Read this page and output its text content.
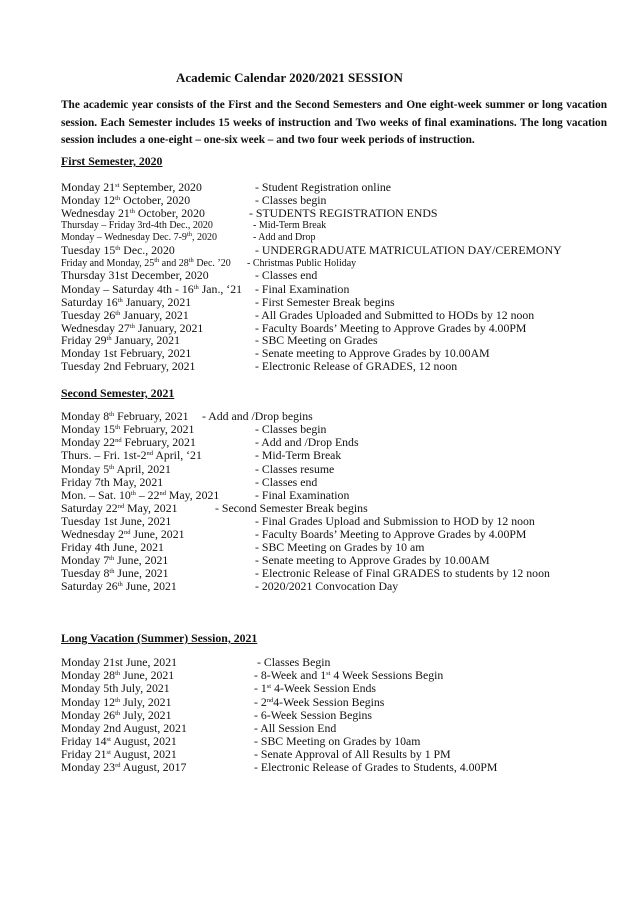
Academic Calendar 2020/2021 SESSION
The academic year consists of the First and the Second Semesters and One eight-week summer or long vacation session. Each Semester includes 15 weeks of instruction and Two weeks of final examinations. The long vacation session includes a one-eight – one-six week – and two four week periods of instruction.
First Semester, 2020
Monday 21st September, 2020	- Student Registration online
Monday 12th October, 2020	- Classes begin
Wednesday 21th October, 2020	- STUDENTS REGISTRATION ENDS
Thursday – Friday 3rd-4th Dec., 2020	- Mid-Term Break
Monday – Wednesday Dec. 7-9th, 2020	- Add and Drop
Tuesday 15th Dec., 2020	- UNDERGRADUATE MATRICULATION DAY/CEREMONY
Friday and Monday, 25th and 28th Dec. ’20 - Christmas Public Holiday
Thursday 31st December, 2020	- Classes end
Monday – Saturday 4th - 16th Jan., ‘21 - Final Examination
Saturday 16th January, 2021	- First Semester Break begins
Tuesday 26th January, 2021	- All Grades Uploaded and Submitted to HODs by 12 noon
Wednesday 27th January, 2021	- Faculty Boards’ Meeting to Approve Grades by 4.00PM
Friday 29th January, 2021	- SBC Meeting on Grades
Monday 1st February, 2021	- Senate meeting to Approve Grades by 10.00AM
Tuesday 2nd February, 2021	- Electronic Release of GRADES, 12 noon
Second Semester, 2021
Monday 8th February, 2021 - Add and /Drop begins
Monday 15th February, 2021	- Classes begin
Monday 22nd February, 2021	- Add and /Drop Ends
Thurs. – Fri. 1st-2nd April, ‘21	- Mid-Term Break
Monday 5th April, 2021	- Classes resume
Friday 7th May, 2021	- Classes end
Mon. – Sat. 10th – 22nd May, 2021	- Final Examination
Saturday 22nd May, 2021	- Second Semester Break begins
Tuesday 1st June, 2021	- Final Grades Upload and Submission to HOD by 12 noon
Wednesday 2nd June, 2021	- Faculty Boards’ Meeting to Approve Grades by 4.00PM
Friday 4th June, 2021	- SBC Meeting on Grades by 10 am
Monday 7th June, 2021	- Senate meeting to Approve Grades by 10.00AM
Tuesday 8th June, 2021	- Electronic Release of Final GRADES to students by 12 noon
Saturday 26th June, 2021	- 2020/2021 Convocation Day
Long Vacation (Summer) Session, 2021
Monday 21st June, 2021	- Classes Begin
Monday 28th June, 2021	- 8-Week and 1st 4 Week Sessions Begin
Monday 5th July, 2021	- 1st 4-Week Session Ends
Monday 12th July, 2021	- 2nd4-Week Session Begins
Monday 26th July, 2021	- 6-Week Session Begins
Monday 2nd August, 2021	- All Session End
Friday 14st August, 2021	- SBC Meeting on Grades by 10am
Friday 21st August, 2021	- Senate Approval of All Results by 1 PM
Monday 23rd August, 2017	- Electronic Release of Grades to Students, 4.00PM
